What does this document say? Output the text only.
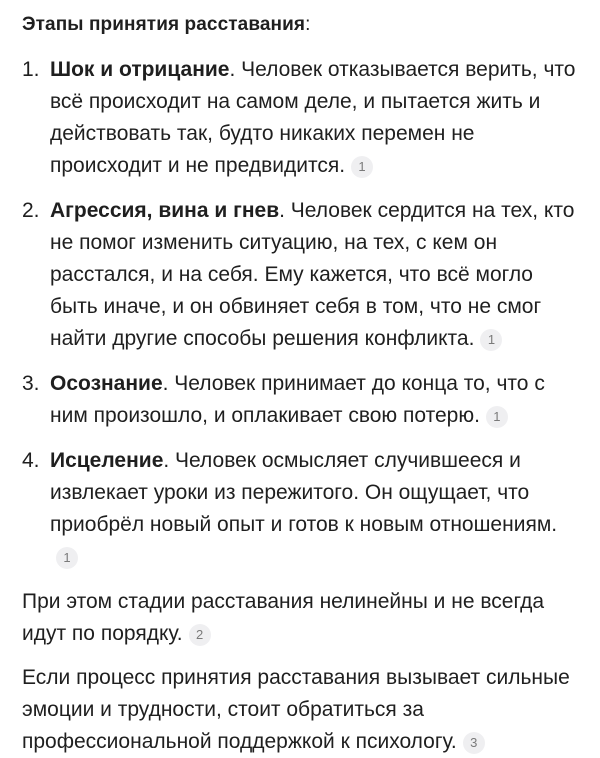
Этапы принятия расставания:
1. Шок и отрицание. Человек отказывается верить, что всё происходит на самом деле, и пытается жить и действовать так, будто никаких перемен не происходит и не предвидится. 1
2. Агрессия, вина и гнев. Человек сердится на тех, кто не помог изменить ситуацию, на тех, с кем он расстался, и на себя. Ему кажется, что всё могло быть иначе, и он обвиняет себя в том, что не смог найти другие способы решения конфликта. 1
3. Осознание. Человек принимает до конца то, что с ним произошло, и оплакивает свою потерю. 1
4. Исцеление. Человек осмысляет случившееся и извлекает уроки из пережитого. Он ощущает, что приобрёл новый опыт и готов к новым отношениям.1

При этом стадии расставания нелинейны и не всегда идут по порядку. 2

Если процесс принятия расставания вызывает сильные эмоции и трудности, стоит обратиться за профессиональной поддержкой к психологу. 3
